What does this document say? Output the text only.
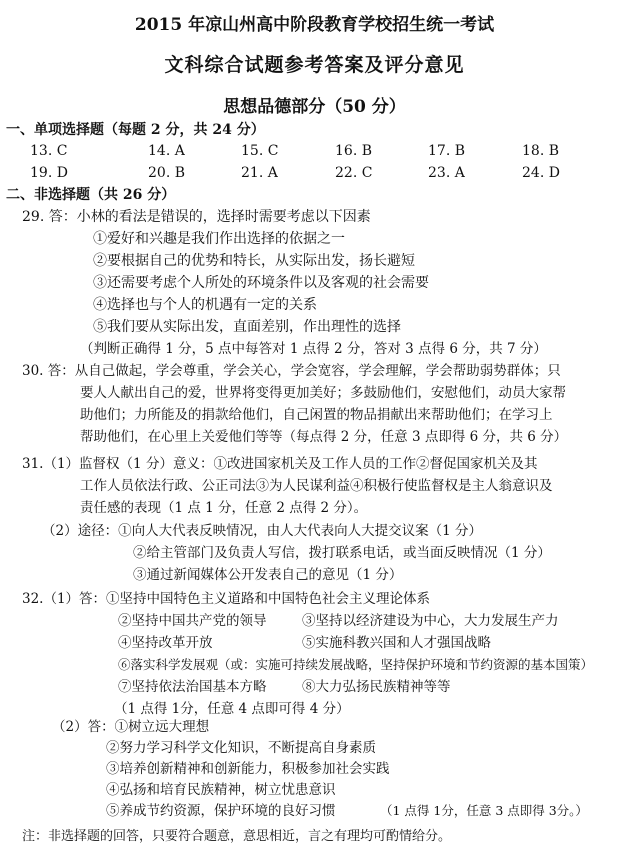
2015 年凉山州高中阶段教育学校招生统一考试
文科综合试题参考答案及评分意见
思想品德部分（50 分）
一、单项选择题（每题 2 分，共 24 分）
13. C	14. A	15. C	16. B	17. B	18. B
19. D	20. B	21. A	22. C	23. A	24. D
二、非选择题（共 26 分）
29. 答：小林的看法是错误的，选择时需要考虑以下因素
①爱好和兴趣是我们作出选择的依据之一
②要根据自己的优势和特长，从实际出发，扬长避短
③还需要考虑个人所处的环境条件以及客观的社会需要
④选择也与个人的机遇有一定的关系
⑤我们要从实际出发，直面差别，作出理性的选择
（判断正确得 1 分，5 点中每答对 1 点得 2 分，答对 3 点得 6 分，共 7 分）
30. 答：从自己做起，学会尊重，学会关心，学会宽容，学会理解，学会帮助弱势群体；只
要人人献出自己的爱，世界将变得更加美好；多鼓励他们，安慰他们，动员大家帮
助他们；力所能及的捐款给他们，自己闲置的物品捐献出来帮助他们；在学习上
帮助他们，在心里上关爱他们等等（每点得 2 分，任意 3 点即得 6 分，共 6 分）
31.（1）监督权（1 分）意义：①改进国家机关及工作人员的工作②督促国家机关及其
工作人员依法行政、公正司法③为人民谋利益④积极行使监督权是主人翁意识及
责任感的表现（1 点 1 分，任意 2 点得 2 分）。
（2）途径：①向人大代表反映情况，由人大代表向人大提交议案（1 分）
②给主管部门及负责人写信，拨打联系电话，或当面反映情况（1 分）
③通过新闻媒体公开发表自己的意见（1 分）
32.（1）答：①坚持中国特色主义道路和中国特色社会主义理论体系
②坚持中国共产党的领导	③坚持以经济建设为中心，大力发展生产力
④坚持改革开放	⑤实施科教兴国和人才强国战略
⑥落实科学发展观（或：实施可持续发展战略，坚持保护环境和节约资源的基本国策）
⑦坚持依法治国基本方略	⑧大力弘扬民族精神等等
（1 点得 1分，任意 4 点即可得 4 分）
（2）答：①树立远大理想
②努力学习科学文化知识，不断提高自身素质
③培养创新精神和创新能力，积极参加社会实践
④弘扬和培育民族精神，树立忧患意识
⑤养成节约资源，保护环境的良好习惯	（1 点得 1分，任意 3 点即得 3分。）
注：非选择题的回答，只要符合题意，意思相近，言之有理均可酌情给分。
